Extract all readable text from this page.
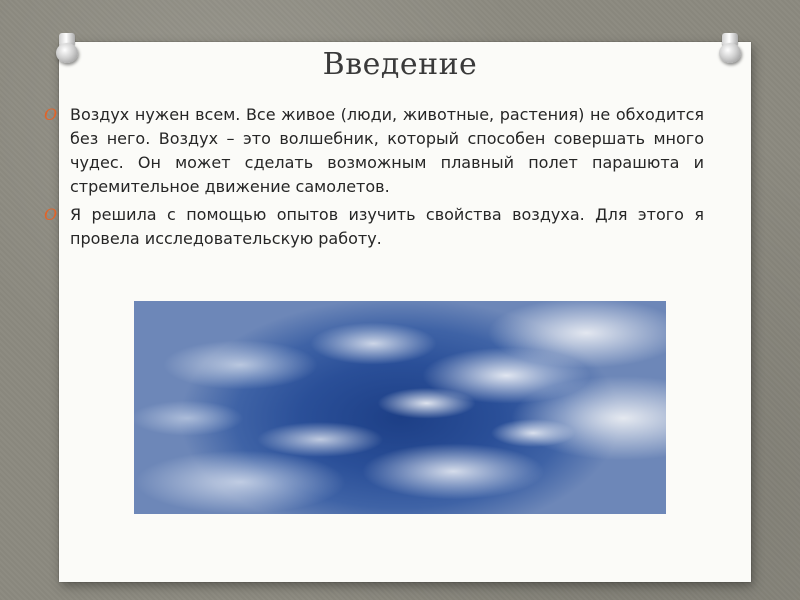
Введение
O Воздух нужен всем. Все живое (люди, животные, растения) не обходится без него. Воздух – это волшебник, который способен совершать много чудес. Он может сделать возможным плавный полет парашюта и стремительное движение самолетов.
O Я решила с помощью опытов изучить свойства воздуха. Для этого я провела исследовательскую работу.
